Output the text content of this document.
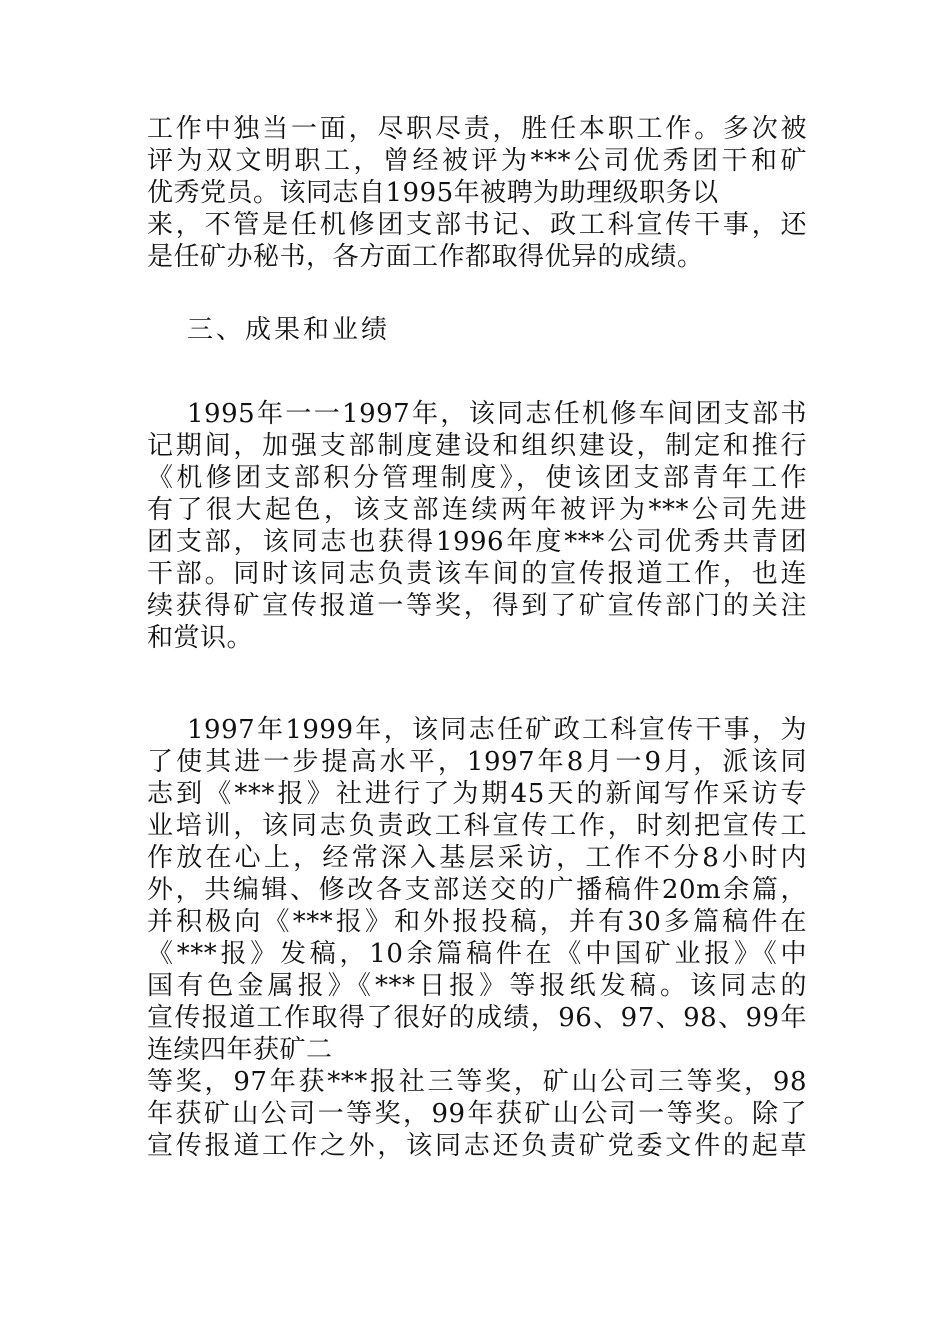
工作中独当一面，尽职尽责，胜任本职工作。多次被
评为双文明职工，曾经被评为***公司优秀团干和矿
优秀党员。该同志自1995年被聘为助理级职务以
来，不管是任机修团支部书记、政工科宣传干事，还
是任矿办秘书，各方面工作都取得优异的成绩。
三、成果和业绩
1995年一一1997年，该同志任机修车间团支部书
记期间，加强支部制度建设和组织建设，制定和推行
《机修团支部积分管理制度》，使该团支部青年工作
有了很大起色，该支部连续两年被评为***公司先进
团支部，该同志也获得1996年度***公司优秀共青团
干部。同时该同志负责该车间的宣传报道工作，也连
续获得矿宣传报道一等奖，得到了矿宣传部门的关注
和赏识。
1997年1999年，该同志任矿政工科宣传干事，为
了使其进一步提高水平，1997年8月一9月，派该同
志到《***报》社进行了为期45天的新闻写作采访专
业培训，该同志负责政工科宣传工作，时刻把宣传工
作放在心上，经常深入基层采访，工作不分8小时内
外，共编辑、修改各支部送交的广播稿件20m余篇，
并积极向《***报》和外报投稿，并有30多篇稿件在
《***报》发稿，10余篇稿件在《中国矿业报》《中
国有色金属报》《***日报》等报纸发稿。该同志的
宣传报道工作取得了很好的成绩，96、97、98、99年
连续四年获矿二
等奖，97年获***报社三等奖，矿山公司三等奖，98
年获矿山公司一等奖，99年获矿山公司一等奖。除了
宣传报道工作之外，该同志还负责矿党委文件的起草
